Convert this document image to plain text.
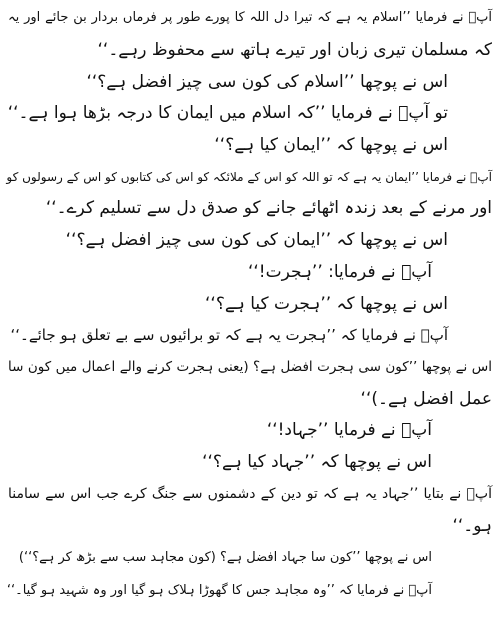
آپؐ نے فرمایا ’’اسلام یہ ہے کہ تیرا دل اللہ کا پورے طور پر فرماں بردار بن جائے اور یہ
کہ مسلمان تیری زبان اور تیرے ہاتھ سے محفوظ رہے۔‘‘
اس نے پوچھا ’’اسلام کی کون سی چیز افضل ہے؟‘‘
تو آپؐ نے فرمایا ’’کہ اسلام میں ایمان کا درجہ بڑھا ہوا ہے۔‘‘
اس نے پوچھا کہ ’’ایمان کیا ہے؟‘‘
آپؐ نے فرمایا ’’ایمان یہ ہے کہ تو اللہ کو اس کے ملائکہ کو اس کی کتابوں کو اس کے رسولوں کو
اور مرنے کے بعد زندہ اٹھائے جانے کو صدق دل سے تسلیم کرے۔‘‘
اس نے پوچھا کہ ’’ایمان کی کون سی چیز افضل ہے؟‘‘
آپؐ نے فرمایا: ’’ہجرت!‘‘
اس نے پوچھا کہ ’’ہجرت کیا ہے؟‘‘
آپؐ نے فرمایا کہ ’’ہجرت یہ ہے کہ تو برائیوں سے بے تعلق ہو جائے۔‘‘
اس نے پوچھا ’’کون سی ہجرت افضل ہے؟ (یعنی ہجرت کرنے والے اعمال میں کون سا
عمل افضل ہے۔)‘‘
آپؐ نے فرمایا ’’جہاد!‘‘
اس نے پوچھا کہ ’’جہاد کیا ہے؟‘‘
آپؐ نے بتایا ’’جہاد یہ ہے کہ تو دین کے دشمنوں سے جنگ کرے جب اس سے سامنا
ہو۔‘‘
اس نے پوچھا ’’کون سا جہاد افضل ہے؟ (کون مجاہد سب سے بڑھ کر ہے؟‘‘)
آپؐ نے فرمایا کہ ’’وہ مجاہد جس کا گھوڑا ہلاک ہو گیا اور وہ شہید ہو گیا۔‘‘
